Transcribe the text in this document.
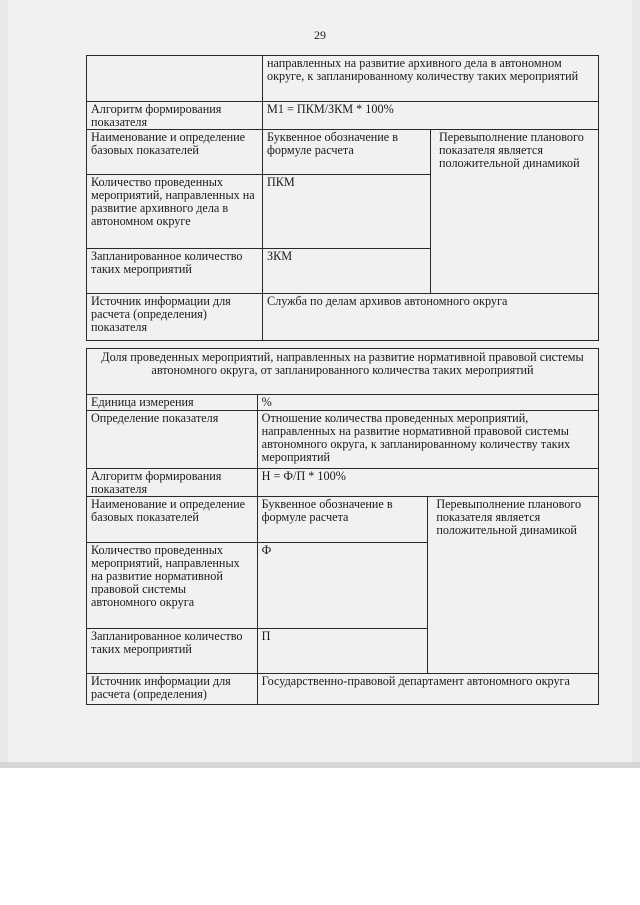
29
	направленных на развитие архивного дела в автономном округе, к запланированному количеству таких мероприятий	
Алгоритм формирования показателя	М1 = ПКМ/ЗКМ * 100%	
Наименование и определение базовых показателей	Буквенное обозначение в формуле расчета	Перевыполнение планового показателя является положительной динамикой
Количество проведенных мероприятий, направленных на развитие архивного дела в автономном округе	ПКМ	
Запланированное количество таких мероприятий	ЗКМ	
Источник информации для расчета (определения) показателя	Служба по делам архивов автономного округа	
Доля проведенных мероприятий, направленных на развитие нормативной правовой системы автономного округа, от запланированного количества таких мероприятий		
Единица измерения	%	
Определение показателя	Отношение количества проведенных мероприятий, направленных на развитие нормативной правовой системы автономного округа, к запланированному количеству таких мероприятий	
Алгоритм формирования показателя	Н = Ф/П * 100%	
Наименование и определение базовых показателей	Буквенное обозначение в формуле расчета	Перевыполнение планового показателя является положительной динамикой
Количество проведенных мероприятий, направленных на развитие нормативной правовой системы автономного округа	Ф	
Запланированное количество таких мероприятий	П	
Источник информации для расчета (определения)	Государственно-правовой департамент автономного округа	
